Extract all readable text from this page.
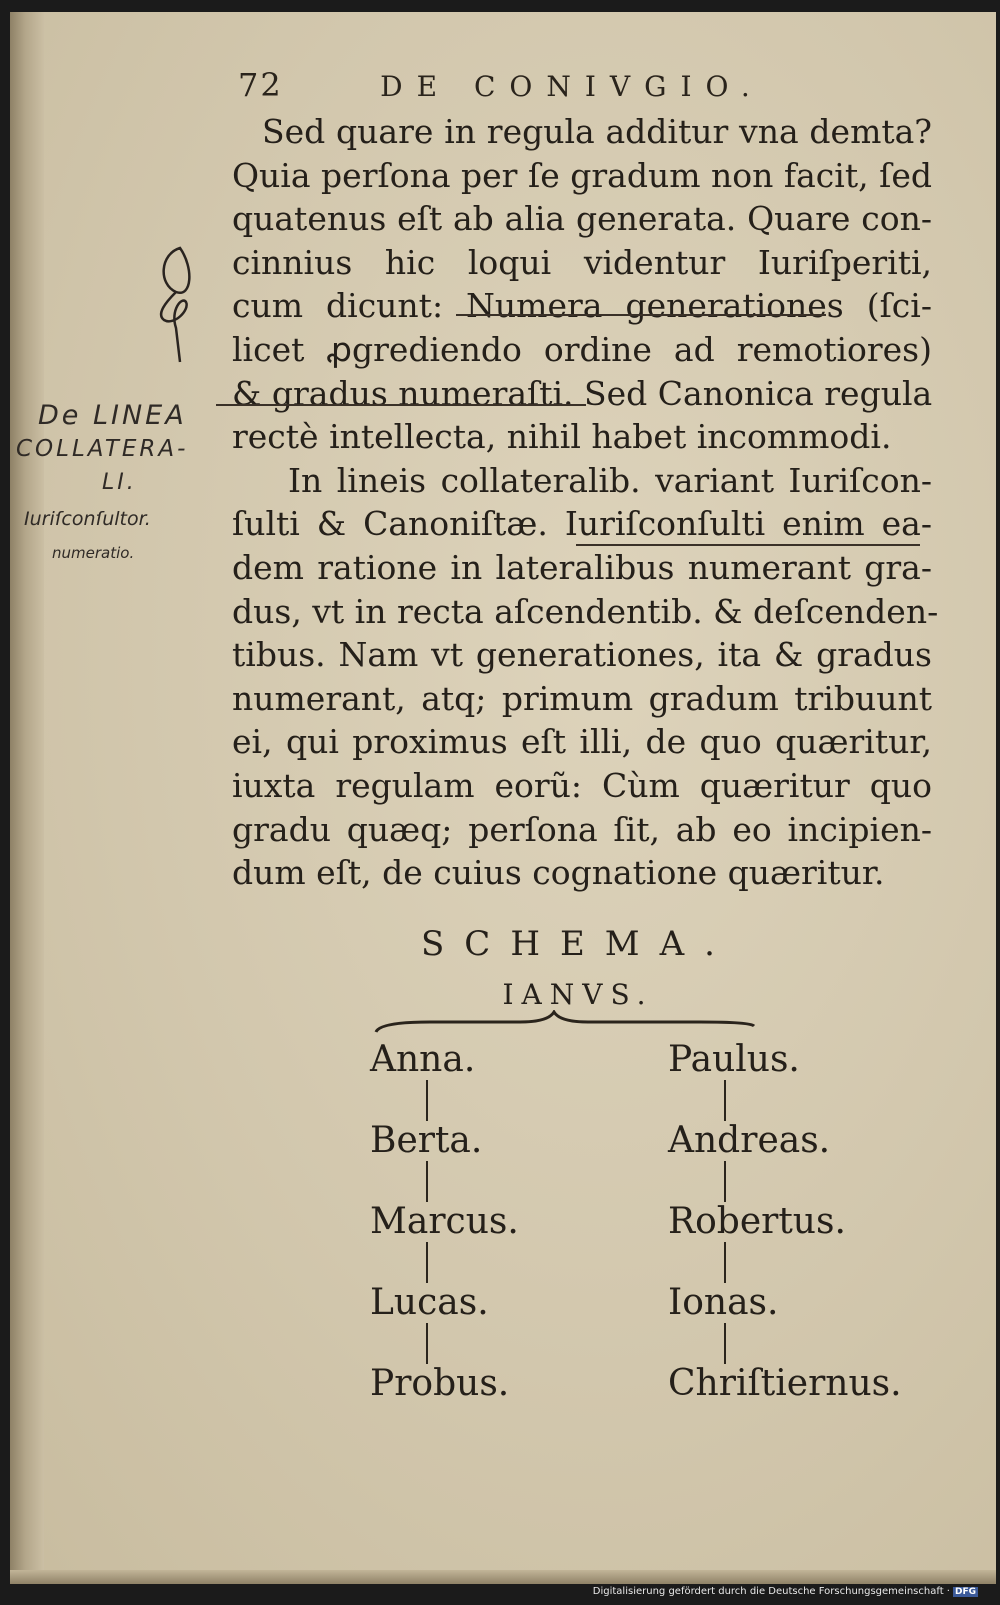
72	DE CONIVGIO.
De LINEA
COLLATERA-
LI.
Iuriſconſultor.
numeratio.
Sed quare in regula additur vna demta?
Quia perſona per ſe gradum non facit, ſed
quatenus eſt ab alia generata. Quare con-
cinnius hic loqui videntur Iuriſperiti,
cum dicunt: Numera generationes (ſci-
licet ꝓgrediendo ordine ad remotiores)
& gradus numeraſti. Sed Canonica regula
rectè intellecta, nihil habet incommodi.
In lineis collateralib. variant Iuriſcon-
ſulti & Canoniſtæ. Iuriſconſulti enim ea-
dem ratione in lateralibus numerant gra-
dus, vt in recta aſcendentib. & deſcenden-
tibus. Nam vt generationes, ita & gradus
numerant, atq; primum gradum tribuunt
ei, qui proximus eſt illi, de quo quæritur,
iuxta regulam eorũ: Cùm quæritur quo
gradu quæq; perſona ſit, ab eo incipien-
dum eſt, de cuius cognatione quæritur.
SCHEMA.
IANVS.
Anna.
Berta.
Marcus.
Lucas.
Probus.
Paulus.
Andreas.
Robertus.
Ionas.
Chriſtiernus.
Digitalisierung gefördert durch die Deutsche Forschungsgemeinschaft · DFG
